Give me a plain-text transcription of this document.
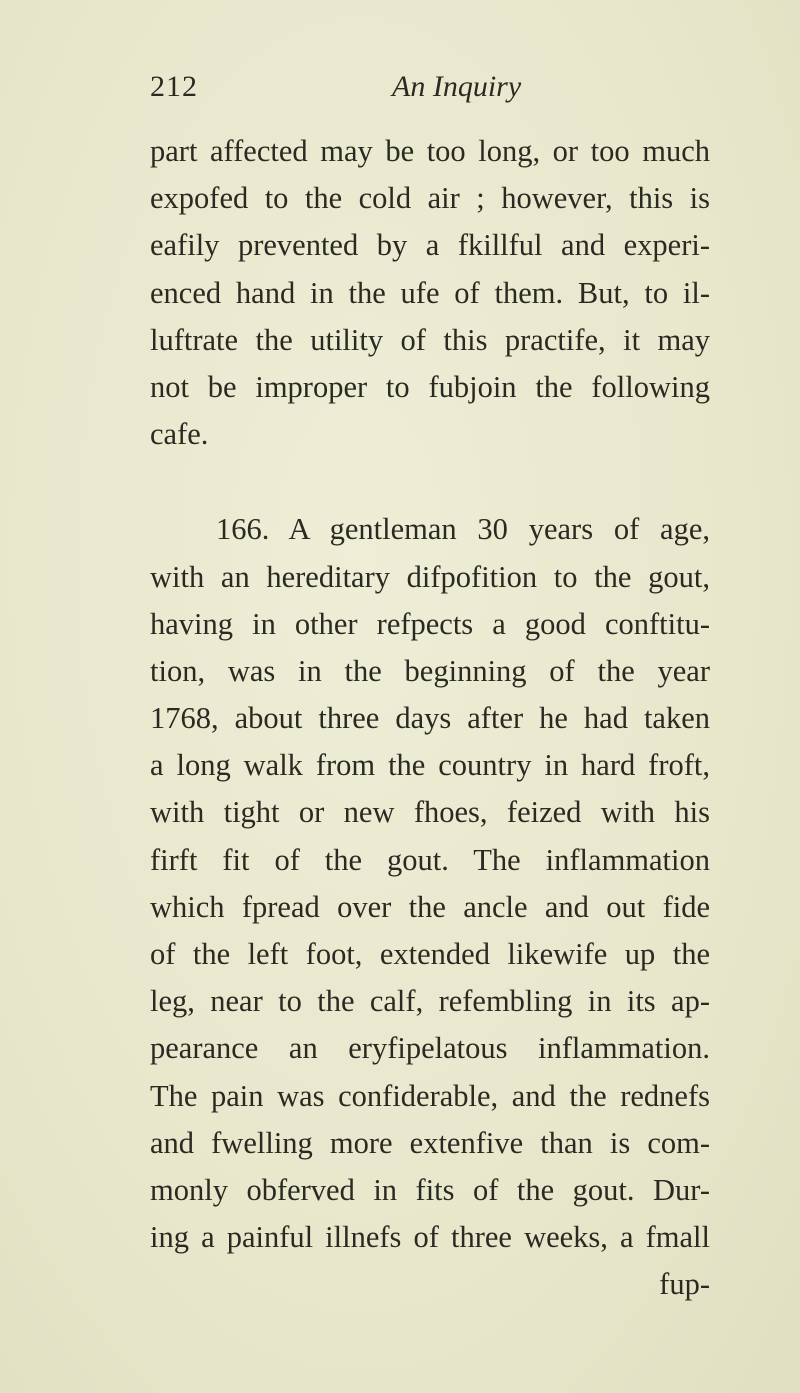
212	An Inquiry
part affected may be too long, or too much
expofed to the cold air ; however, this is
eafily prevented by a fkillful and experi-
enced hand in the ufe of them. But, to il-
luftrate the utility of this practife, it may
not be improper to fubjoin the following
cafe.
166. A gentleman 30 years of age,
with an hereditary difpofition to the gout,
having in other refpects a good conftitu-
tion, was in the beginning of the year
1768, about three days after he had taken
a long walk from the country in hard froft,
with tight or new fhoes, feized with his
firft fit of the gout. The inflammation
which fpread over the ancle and out fide
of the left foot, extended likewife up the
leg, near to the calf, refembling in its ap-
pearance an eryfipelatous inflammation.
The pain was confiderable, and the rednefs
and fwelling more extenfive than is com-
monly obferved in fits of the gout. Dur-
ing a painful illnefs of three weeks, a fmall
fup-
